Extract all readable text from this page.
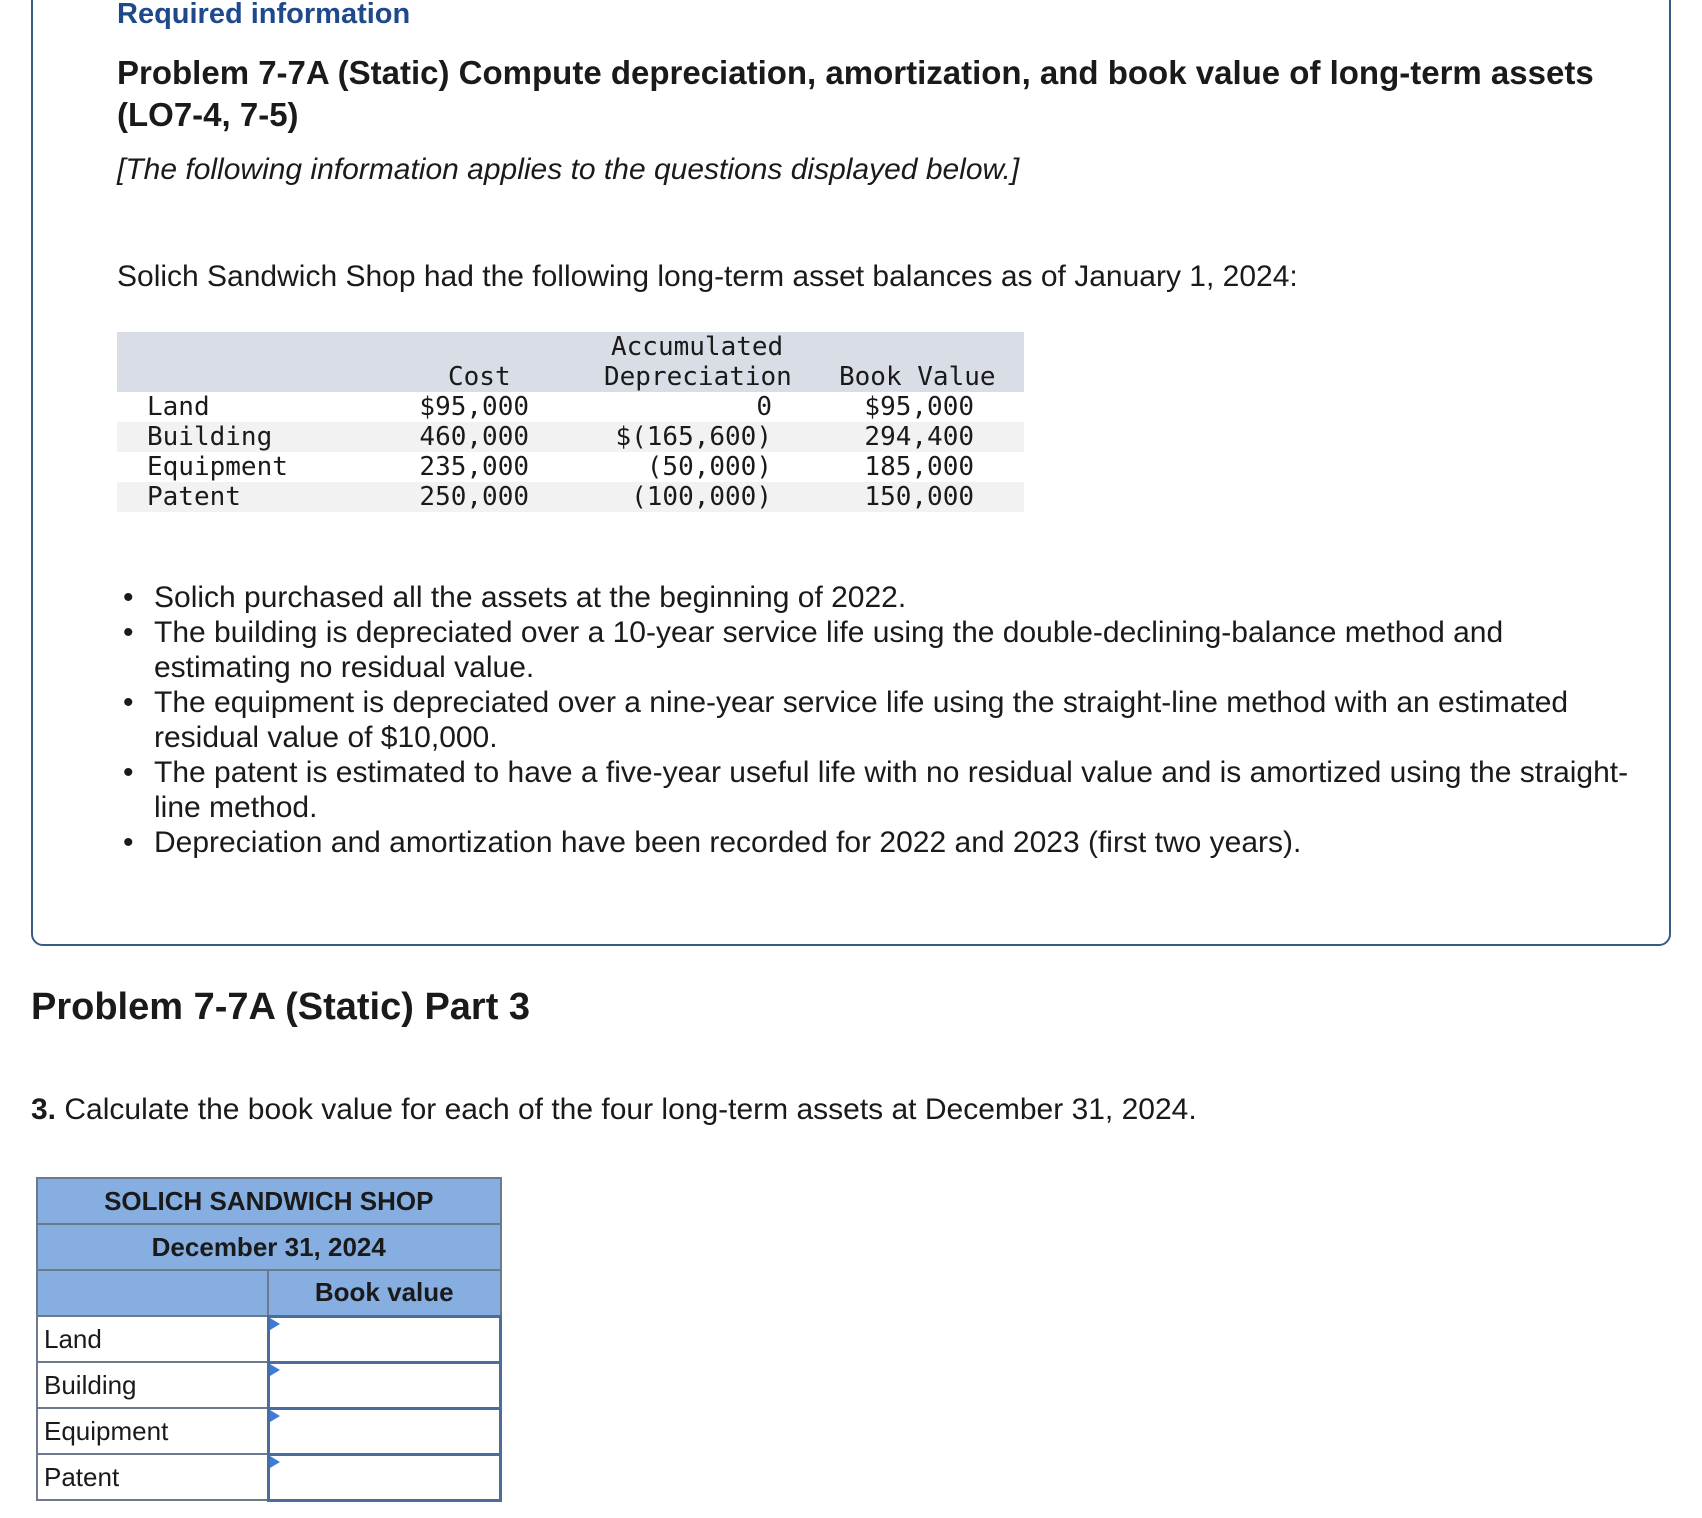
Required information
Problem 7-7A (Static) Compute depreciation, amortization, and book value of long-term assets (LO7-4, 7-5)
[The following information applies to the questions displayed below.]
Solich Sandwich Shop had the following long-term asset balances as of January 1, 2024:
Cost
Accumulated
Depreciation Book Value
Land	$95,000	0	$95,000
Building	460,000	$(165,600)	294,400
Equipment	235,000	(50,000)	185,000
Patent	250,000	(100,000)	150,000
• Solich purchased all the assets at the beginning of 2022.
• The building is depreciated over a 10-year service life using the double-declining-balance method and estimating no residual value.
• The equipment is depreciated over a nine-year service life using the straight-line method with an estimated residual value of $10,000.
• The patent is estimated to have a five-year useful life with no residual value and is amortized using the straight-line method.
• Depreciation and amortization have been recorded for 2022 and 2023 (first two years).
Problem 7-7A (Static) Part 3
3. Calculate the book value for each of the four long-term assets at December 31, 2024.
SOLICH SANDWICH SHOP	
December 31, 2024	
	Book value
Land	

Building	

Equipment	

Patent	
